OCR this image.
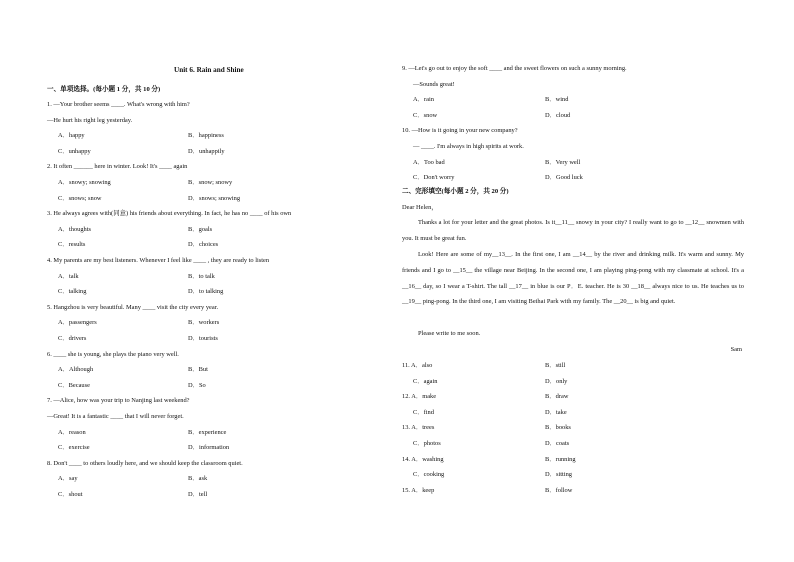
Unit 6. Rain and Shine
一、单项选择。(每小题 1 分，共 10 分)
1. —Your brother seems ____. What's wrong with him?
—He hurt his right leg yesterday.
A．happy	B．happiness
C．unhappy	D．unhappily
2. It often ______ here in winter. Look! It's ____ again
A．snowy; snowing	B．snow; snowy
C．snows; snow	D．snows; snowing
3. He always agrees with(同意) his friends about everything. In fact, he has no ____ of his own
A．thoughts	B．goals
C．results	D．choices
4. My parents are my best listeners. Whenever I feel like ____ , they are ready to listen
A．talk	B．to talk
C．talking	D．to talking
5. Hangzhou is very beautiful. Many ____ visit the city every year.
A．passengers	B．workers
C．drivers	D．tourists
6. ____ she is young, she plays the piano very well.
A．Although	B．But
C．Because	D．So
7. —Alice, how was your trip to Nanjing last weekend?
—Great! It is a fantastic ____ that I will never forget.
A．reason	B．experience
C．exercise	D．information
8. Don't ____ to others loudly here, and we should keep the classroom quiet.
A．say	B．ask
C．shout	D．tell
9. —Let's go out to enjoy the soft ____ and the sweet flowers on such a sunny morning.
—Sounds great!
A．rain	B．wind
C．snow	D．cloud
10. —How is it going in your new company?
— ____. I'm always in high spirits at work.
A．Too bad	B．Very well
C．Don't worry	D．Good luck
二、完形填空(每小题 2 分，共 20 分)
Dear Helen，
Thanks a lot for your letter and the great photos. Is it__11__ snowy in your city? I really want to go to __12__ snowmen with you. It must be great fun.
Look! Here are some of my__13__. In the first one, I am __14__ by the river and drinking milk. It's warm and sunny. My friends and I go to __15__ the village near Beijing. In the second one, I am playing ping-pong with my classmate at school. It's a __16__ day, so I wear a T-shirt. The tall __17__ in blue is our P．E. teacher. He is 30 __18__ always nice to us. He teaches us to __19__ ping-pong. In the third one, I am visiting Beihai Park with my family. The __20__ is big and quiet.
Please write to me soon.
Sam
11. A．also	B．still
C．again	D．only
12. A．make	B．draw
C．find	D．take
13. A．trees	B．books
C．photos	D．coats
14. A．washing	B．running
C．cooking	D．sitting
15. A．keep	B．follow
